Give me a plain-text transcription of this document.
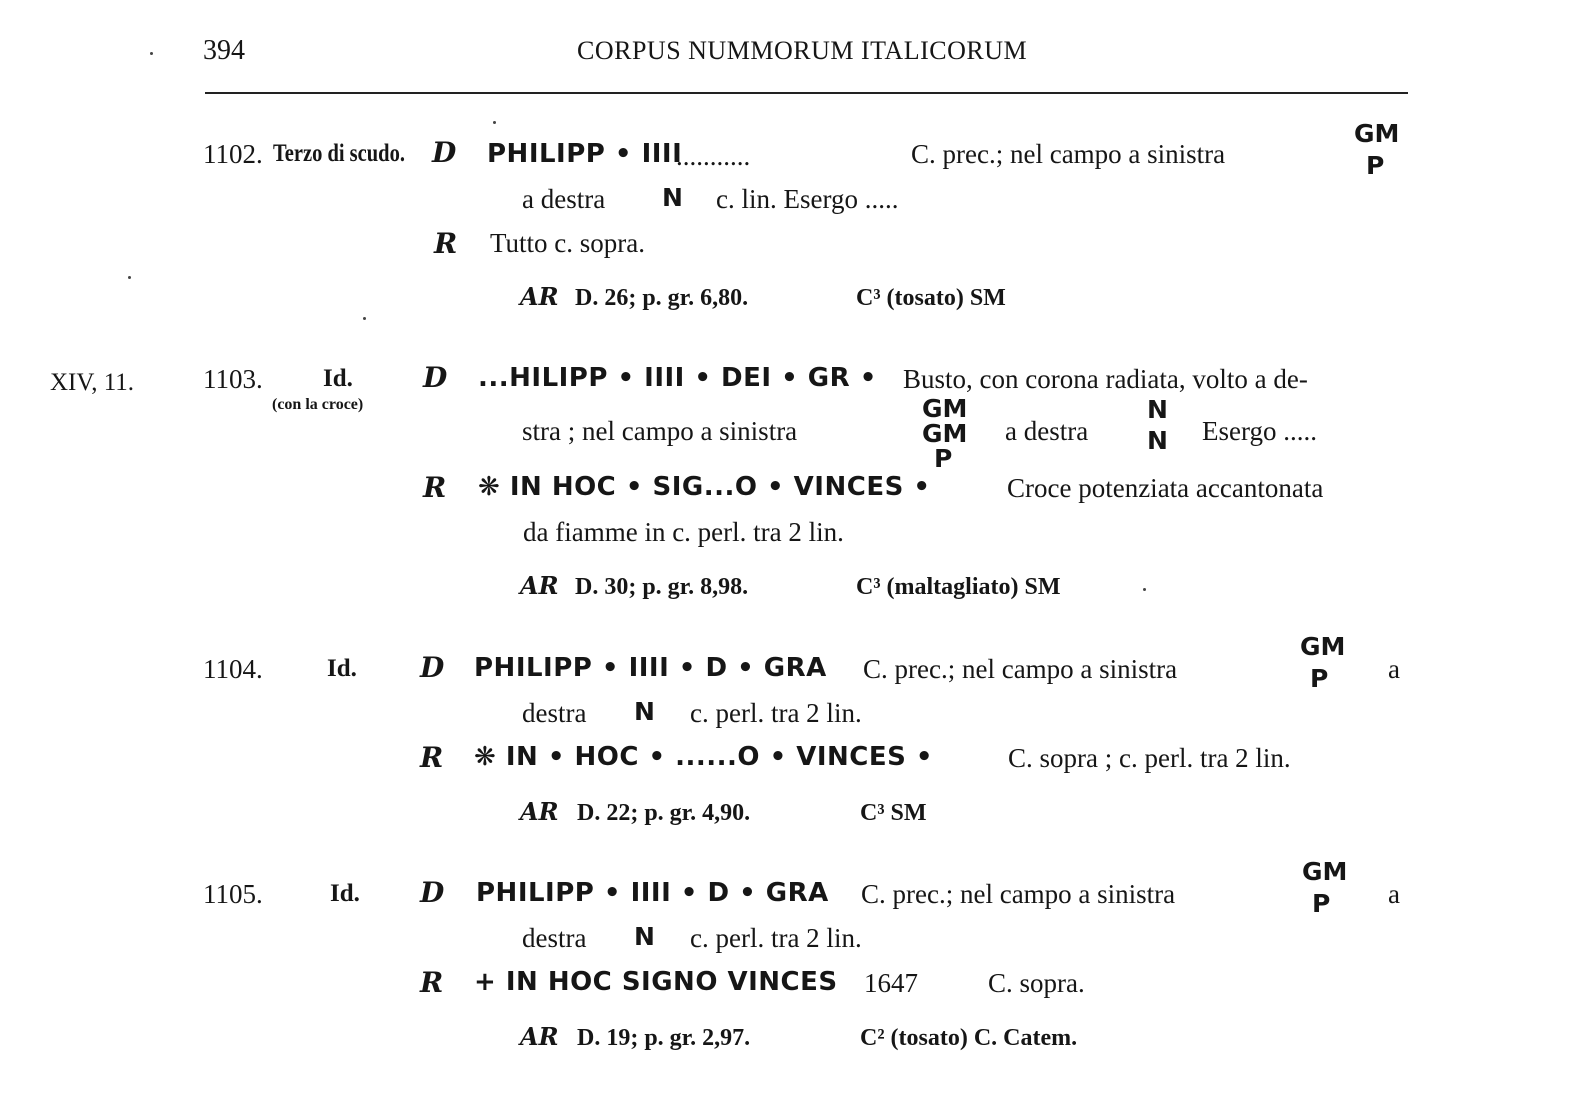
394	CORPUS NUMMORUM ITALICORUM
1102. Terzo di scudo. D PHILIPP • IIII
...........	C. prec.; nel campo a sinistra
GM
P
a destra N c. lin. Esergo .....
R Tutto c. sopra.
AR D. 26; p. gr. 6,80.	C³ (tosato) SM
XIV, 11.	1103. Id.
(con la croce)
D ...HILIPP • IIII • DEI • GR • Busto, con corona radiata, volto a de-
stra ; nel campo a sinistra
GM
GM
P
a destra
N
N Esergo .....
R ❋ IN HOC • SIG...O • VINCES •	Croce potenziata accantonata
da fiamme in c. perl. tra 2 lin.
AR D. 30; p. gr. 8,98.	C³ (maltagliato) SM
1104.	Id. D PHILIPP • IIII • D • GRA C. prec.; nel campo a sinistra
GM
P a
destra N c. perl. tra 2 lin.
R ❋ IN • HOC • ......O • VINCES •	C. sopra ; c. perl. tra 2 lin.
AR D. 22; p. gr. 4,90.	C³ SM
1105.	Id. D PHILIPP • IIII • D • GRA C. prec.; nel campo a sinistra
GM
P a
destra N c. perl. tra 2 lin.
R + IN HOC SIGNO VINCES 1647	C. sopra.
AR D. 19; p. gr. 2,97.	C² (tosato) C. Catem.
